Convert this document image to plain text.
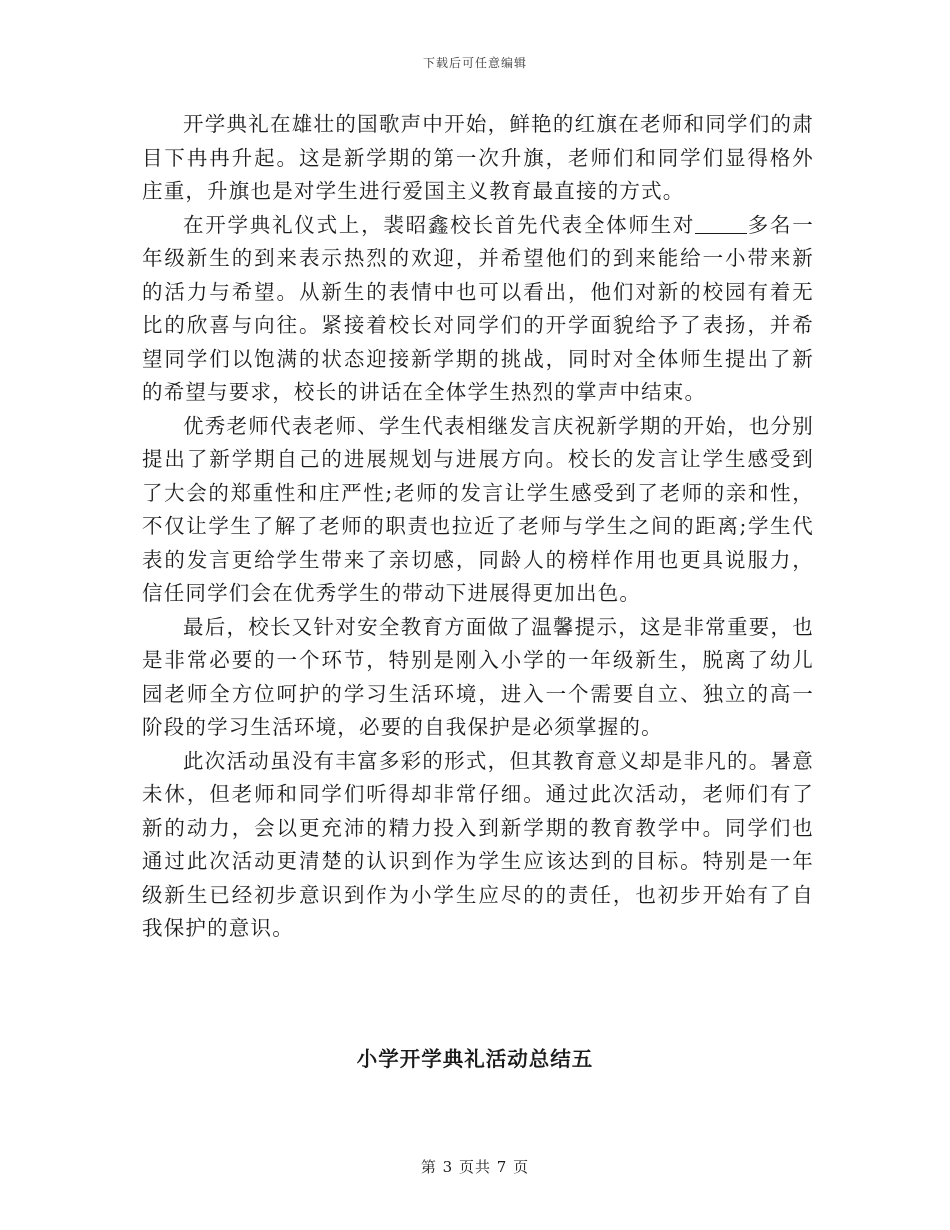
下载后可任意编辑

开学典礼在雄壮的国歌声中开始，鲜艳的红旗在老师和同学们的肃目下冉冉升起。这是新学期的第一次升旗，老师们和同学们显得格外庄重，升旗也是对学生进行爱国主义教育最直接的方式。

在开学典礼仪式上，裴昭鑫校长首先代表全体师生对	多名一年级新生的到来表示热烈的欢迎，并希望他们的到来能给一小带来新的活力与希望。从新生的表情中也可以看出，他们对新的校园有着无比的欣喜与向往。紧接着校长对同学们的开学面貌给予了表扬，并希望同学们以饱满的状态迎接新学期的挑战，同时对全体师生提出了新的希望与要求，校长的讲话在全体学生热烈的掌声中结束。

优秀老师代表老师、学生代表相继发言庆祝新学期的开始，也分别提出了新学期自己的进展规划与进展方向。校长的发言让学生感受到了大会的郑重性和庄严性;老师的发言让学生感受到了老师的亲和性，不仅让学生了解了老师的职责也拉近了老师与学生之间的距离;学生代表的发言更给学生带来了亲切感，同龄人的榜样作用也更具说服力，信任同学们会在优秀学生的带动下进展得更加出色。

最后，校长又针对安全教育方面做了温馨提示，这是非常重要，也是非常必要的一个环节，特别是刚入小学的一年级新生，脱离了幼儿园老师全方位呵护的学习生活环境，进入一个需要自立、独立的高一阶段的学习生活环境，必要的自我保护是必须掌握的。

此次活动虽没有丰富多彩的形式，但其教育意义却是非凡的。暑意未休，但老师和同学们听得却非常仔细。通过此次活动，老师们有了新的动力，会以更充沛的精力投入到新学期的教育教学中。同学们也通过此次活动更清楚的认识到作为学生应该达到的目标。特别是一年级新生已经初步意识到作为小学生应尽的的责任，也初步开始有了自我保护的意识。

小学开学典礼活动总结五
第 3 页共 7 页
